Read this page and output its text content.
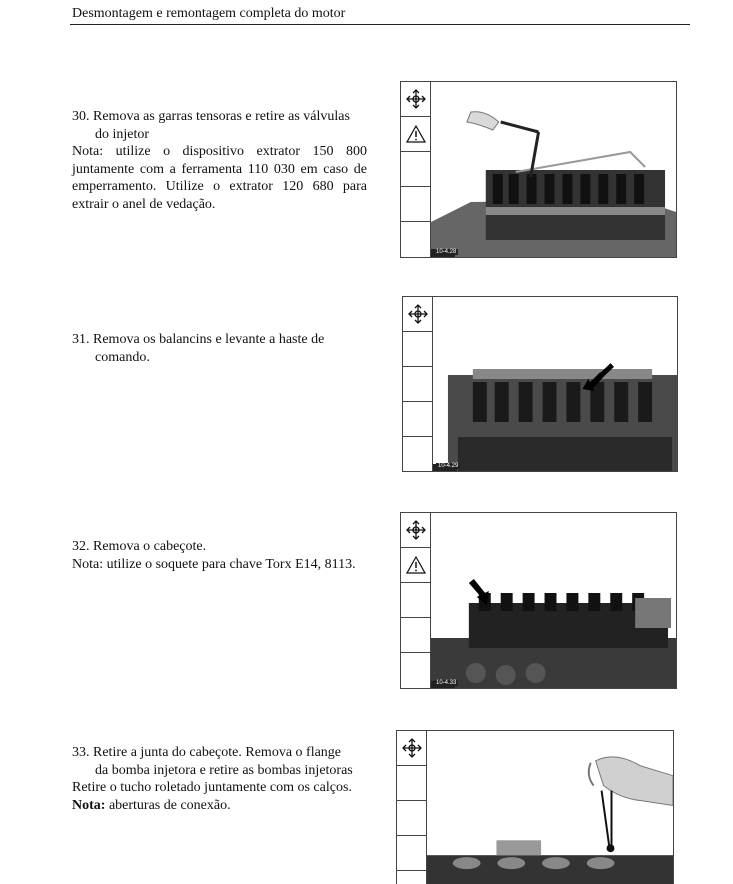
Desmontagem e remontagem completa do motor

30. Remova as garras tensoras e retire as válvulas

do injetor

Nota: utilize o dispositivo extrator 150 800 juntamente com a ferramenta 110 030 em caso de emperramento. Utilize o extrator 120 680 para extrair o anel de vedação.

10-4.28

31. Remova os balancins e levante a haste de

comando.

10-4.29

32. Remova o cabeçote.

Nota: utilize o soquete para chave Torx E14, 8113.

10-4.33

33. Retire a junta do cabeçote. Remova o flange

da bomba injetora e retire as bombas injetoras

Retire o tucho roletado juntamente com os calços.

Nota: aberturas de conexão.
